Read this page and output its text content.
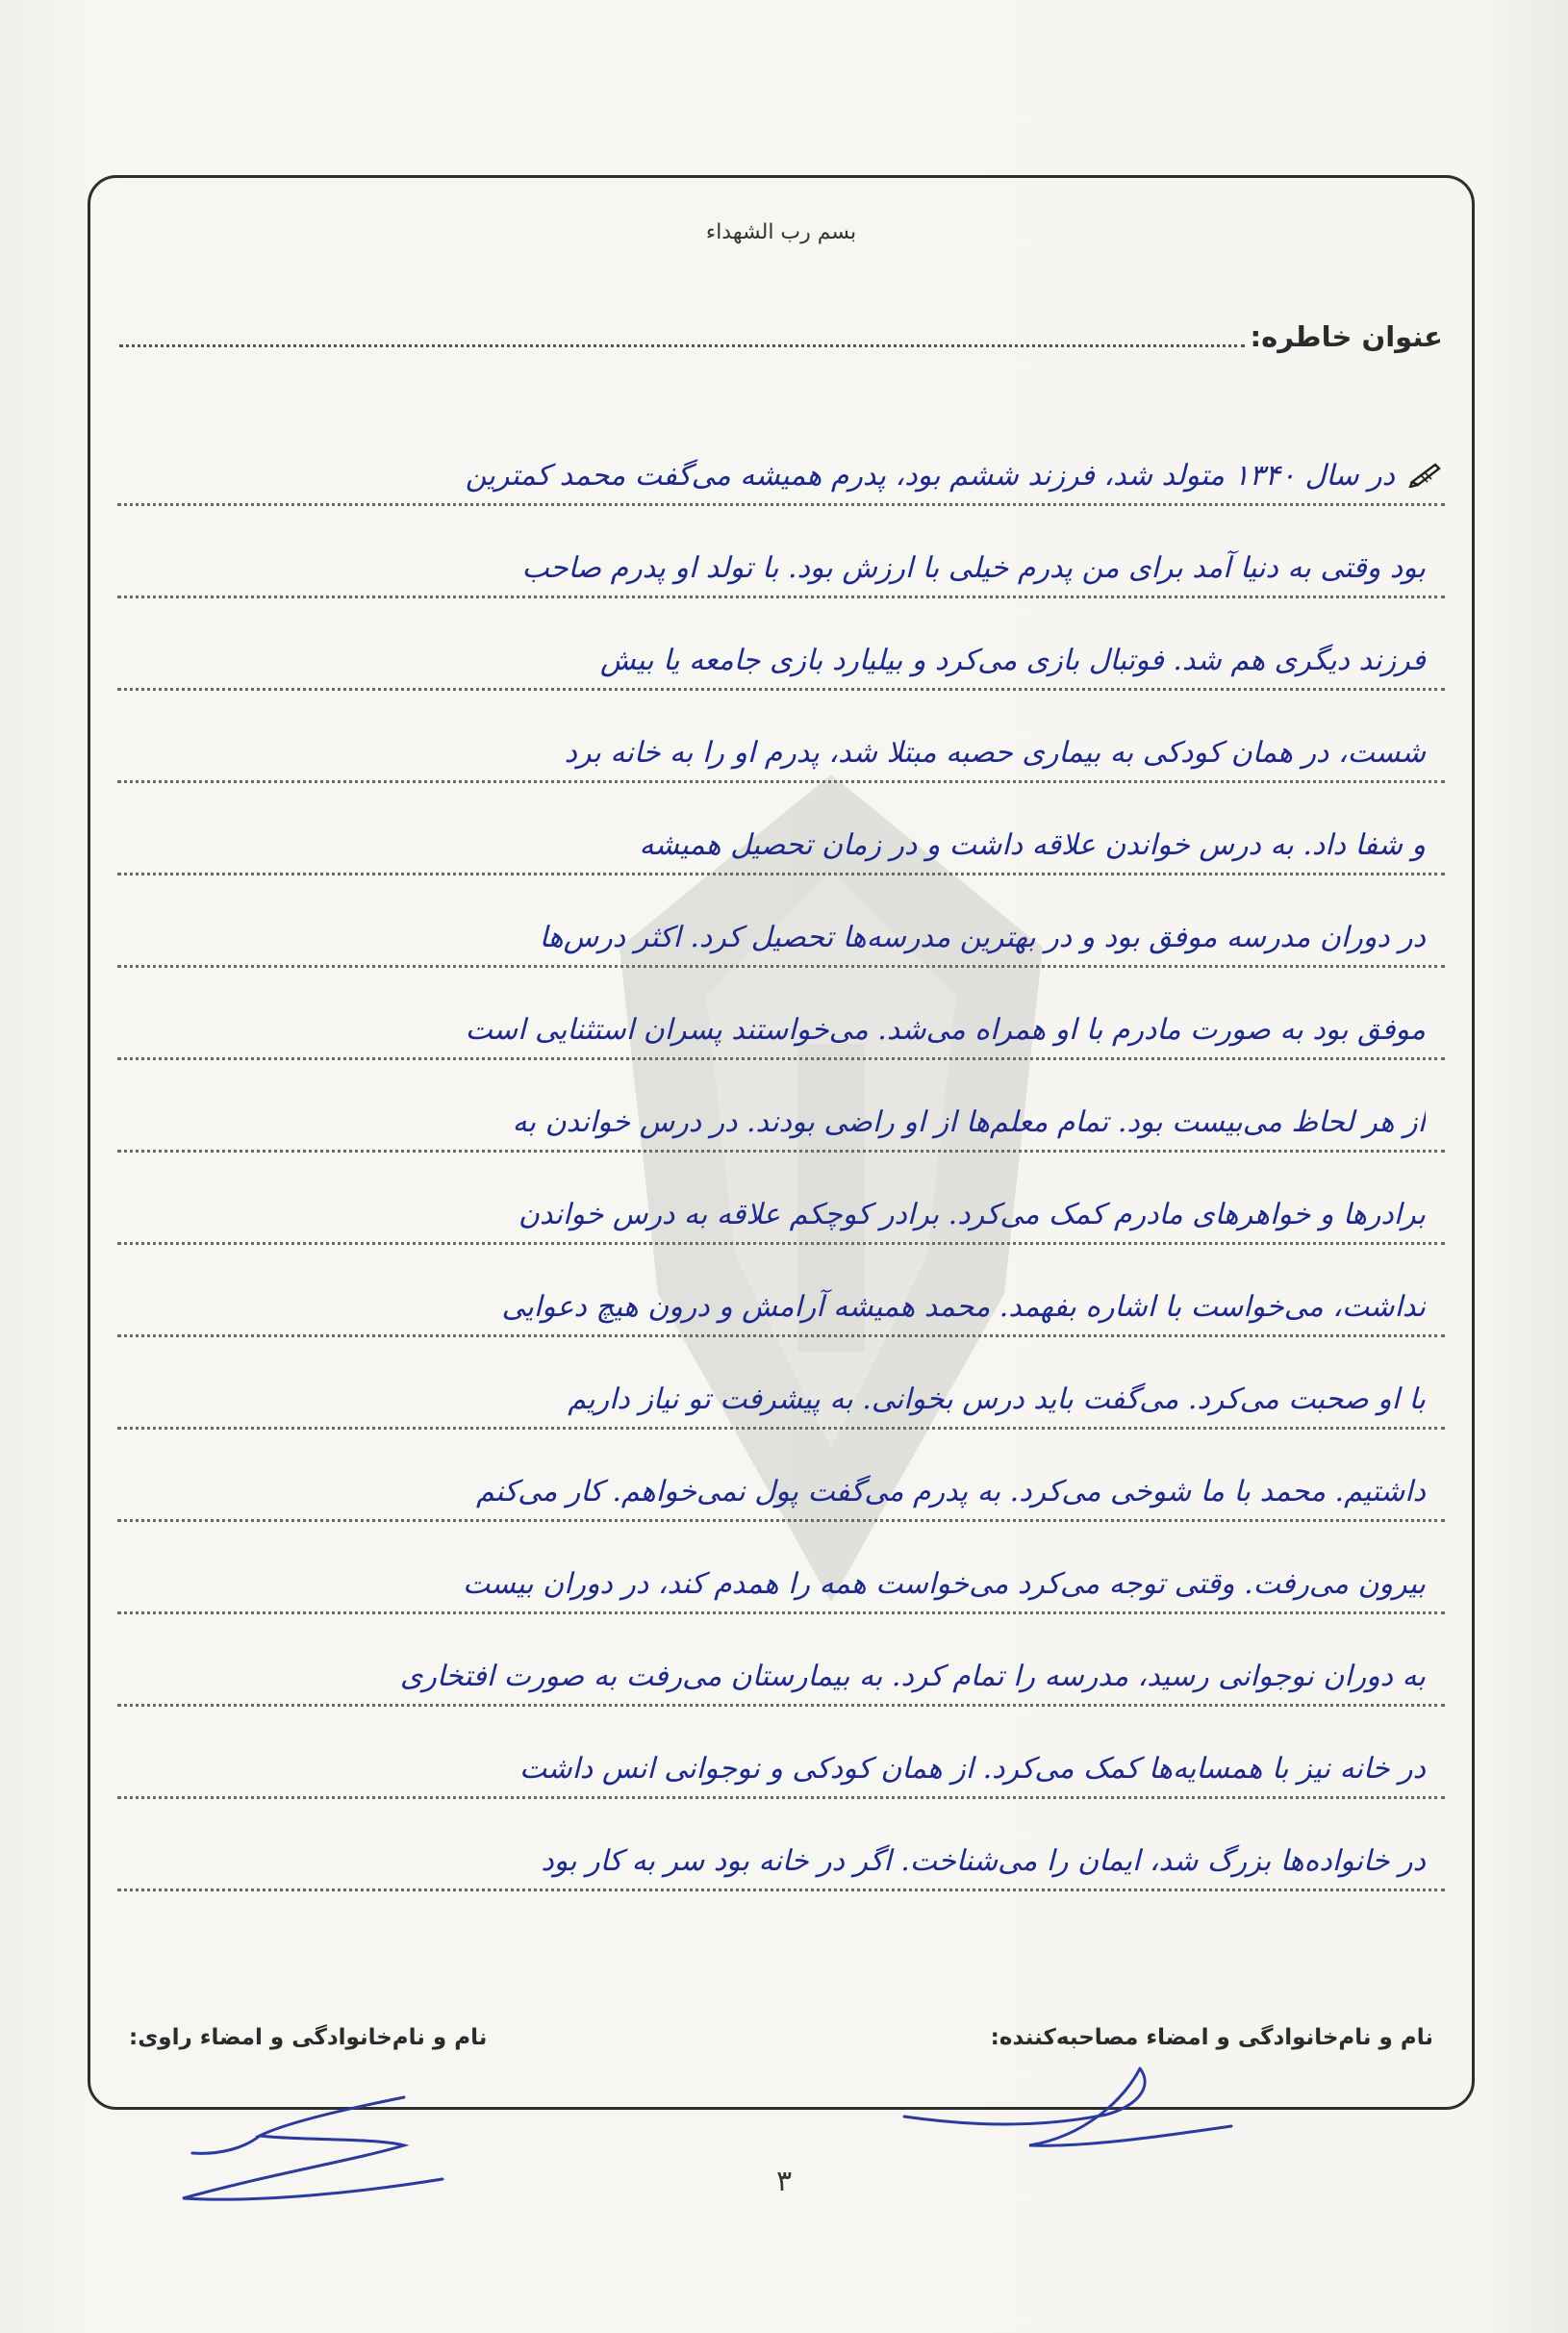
بسم رب الشهداء
عنوان خاطره:
در سال ۱۳۴۰ متولد شد، فرزند ششم بود، پدرم همیشه می‌گفت محمد کمترین
بود وقتی به دنیا آمد برای من پدرم خیلی با ارزش بود. با تولد او پدرم صاحب
فرزند دیگری هم شد. فوتبال بازی می‌کرد و بیلیارد بازی جامعه یا بیش
شست، در همان کودکی به بیماری حصبه مبتلا شد، پدرم او را به خانه برد
و شفا داد. به درس خواندن علاقه داشت و در زمان تحصیل همیشه
در دوران مدرسه موفق بود و در بهترین مدرسه‌ها تحصیل کرد. اکثر درس‌ها
موفق بود به صورت مادرم با او همراه می‌شد. می‌خواستند پسران استثنایی است
از هر لحاظ می‌بیست بود. تمام معلم‌ها از او راضی بودند. در درس خواندن به
برادرها و خواهرهای مادرم کمک می‌کرد. برادر کوچکم علاقه به درس خواندن
نداشت، می‌خواست با اشاره بفهمد. محمد همیشه آرامش و درون هیچ دعوایی
با او صحبت می‌کرد. می‌گفت باید درس بخوانی. به پیشرفت تو نیاز داریم
داشتیم. محمد با ما شوخی می‌کرد. به پدرم می‌گفت پول نمی‌خواهم. کار می‌کنم
بیرون می‌رفت. وقتی توجه می‌کرد می‌خواست همه را همدم کند، در دوران بیست
به دوران نوجوانی رسید، مدرسه را تمام کرد. به بیمارستان می‌رفت به صورت افتخاری
در خانه نیز با همسایه‌ها کمک می‌کرد. از همان کودکی و نوجوانی انس داشت
در خانواده‌ها بزرگ شد، ایمان را می‌شناخت. اگر در خانه بود سر به کار بود
نام و نام‌خانوادگی و امضاء مصاحبه‌کننده:
نام و نام‌خانوادگی و امضاء راوی:
۳
